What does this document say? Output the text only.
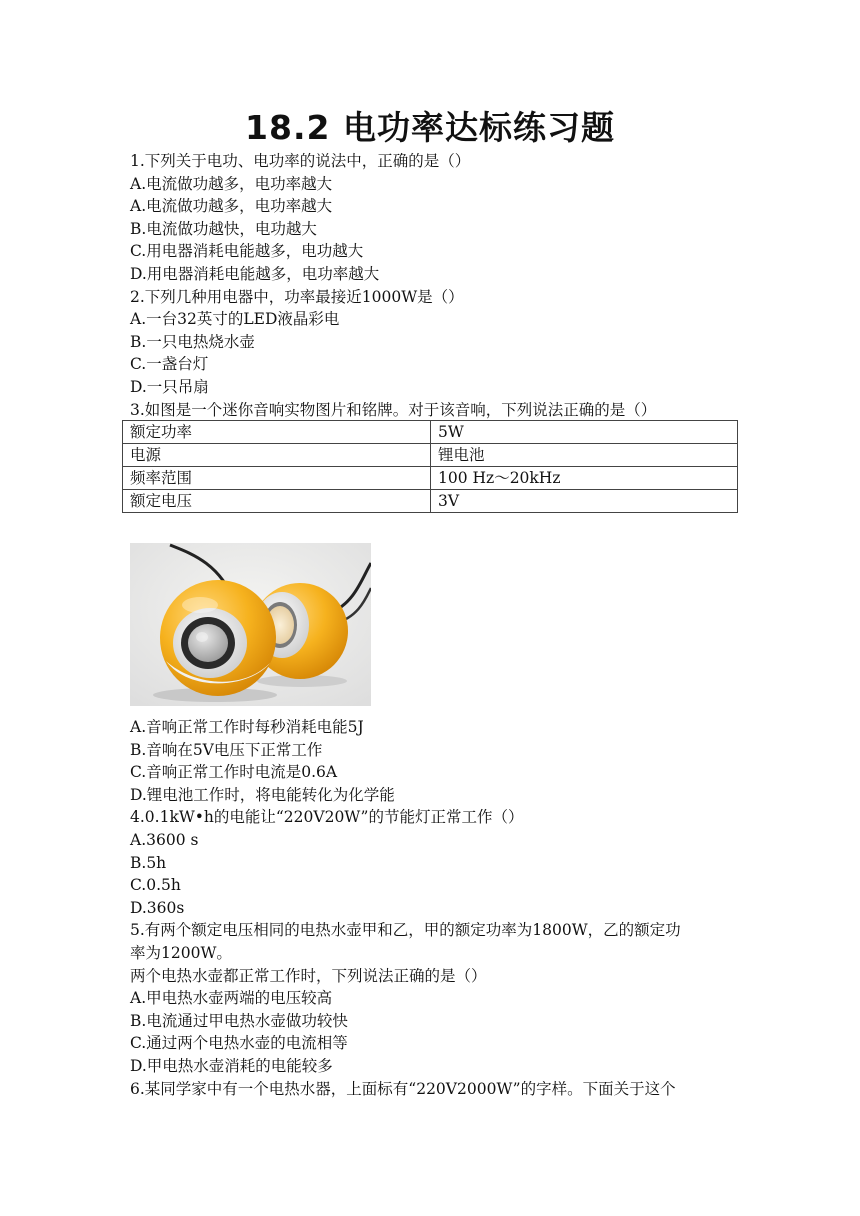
18.2 电功率达标练习题
1.下列关于电功、电功率的说法中，正确的是（）
A.电流做功越多，电功率越大
A.电流做功越多，电功率越大
B.电流做功越快，电功越大
C.用电器消耗电能越多，电功越大
D.用电器消耗电能越多，电功率越大
2.下列几种用电器中，功率最接近1000W是（）
A.一台32英寸的LED液晶彩电
B.一只电热烧水壶
C.一盏台灯
D.一只吊扇
3.如图是一个迷你音响实物图片和铭牌。对于该音响，下列说法正确的是（）
额定功率	5W
电源	锂电池
频率范围	100 Hz～20kHz
额定电压	3V
A.音响正常工作时每秒消耗电能5J
B.音响在5V电压下正常工作
C.音响正常工作时电流是0.6A
D.锂电池工作时，将电能转化为化学能
4.0.1kW•h的电能让“220V20W”的节能灯正常工作（）
A.3600 s
B.5h
C.0.5h
D.360s
5.有两个额定电压相同的电热水壶甲和乙，甲的额定功率为1800W，乙的额定功
率为1200W。
两个电热水壶都正常工作时，下列说法正确的是（）
A.甲电热水壶两端的电压较高
B.电流通过甲电热水壶做功较快
C.通过两个电热水壶的电流相等
D.甲电热水壶消耗的电能较多
6.某同学家中有一个电热水器，上面标有“220V2000W”的字样。下面关于这个
